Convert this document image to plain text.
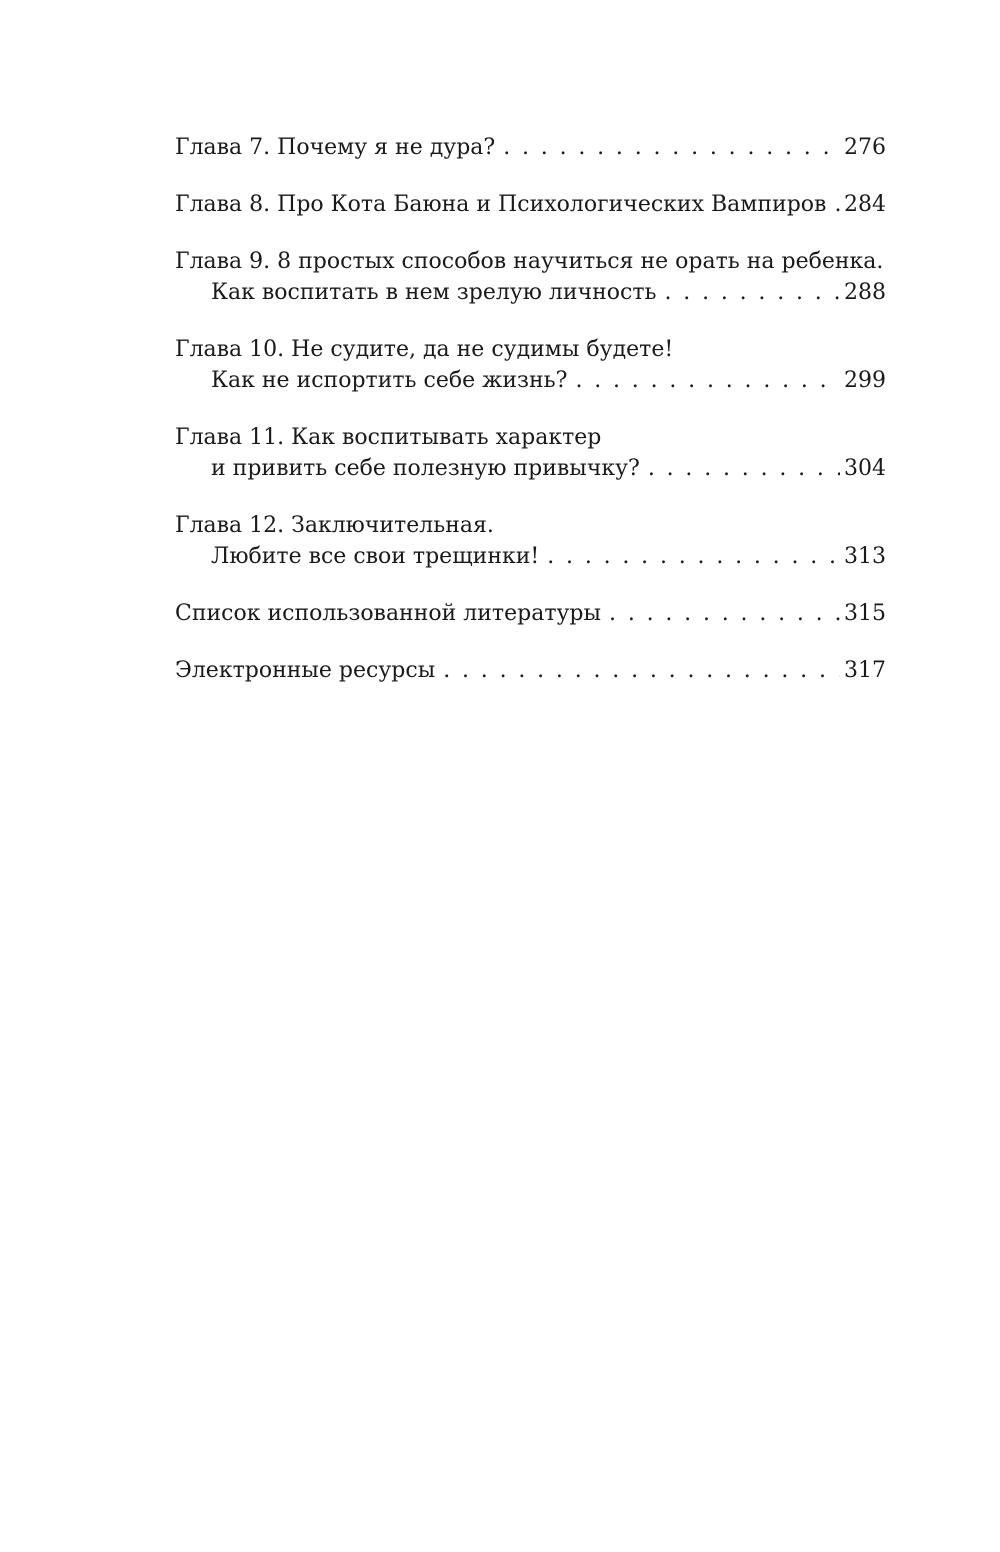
Глава 7. Почему я не дура? . . .	276
Глава 8. Про Кота Баюна и Психологических Вампиров . . . 284
Глава 9. 8 простых способов научиться не орать на ребенка.
Как воспитать в нем зрелую личность . . .	288
Глава 10. Не судите, да не судимы будете!
Как не испортить себе жизнь? . . .	299
Глава 11. Как воспитывать характер
и привить себе полезную привычку? . . .	304
Глава 12. Заключительная.
Любите все свои трещинки! . . .	313
Список использованной литературы . . .	315
Электронные ресурсы . . .	317
